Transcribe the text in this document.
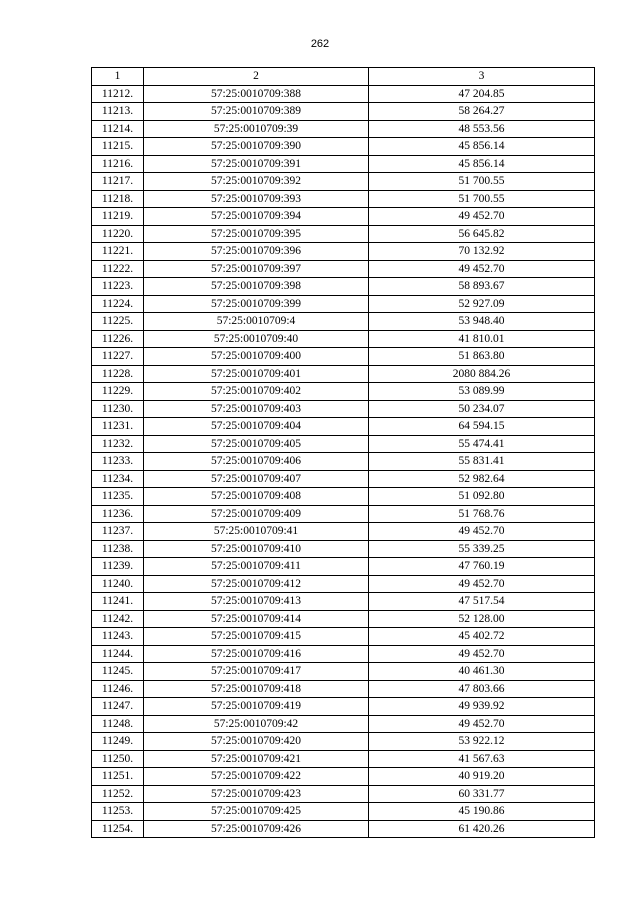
262
1	2	3
11212.	57:25:0010709:388	47 204.85
11213.	57:25:0010709:389	58 264.27
11214.	57:25:0010709:39	48 553.56
11215.	57:25:0010709:390	45 856.14
11216.	57:25:0010709:391	45 856.14
11217.	57:25:0010709:392	51 700.55
11218.	57:25:0010709:393	51 700.55
11219.	57:25:0010709:394	49 452.70
11220.	57:25:0010709:395	56 645.82
11221.	57:25:0010709:396	70 132.92
11222.	57:25:0010709:397	49 452.70
11223.	57:25:0010709:398	58 893.67
11224.	57:25:0010709:399	52 927.09
11225.	57:25:0010709:4	53 948.40
11226.	57:25:0010709:40	41 810.01
11227.	57:25:0010709:400	51 863.80
11228.	57:25:0010709:401	2080 884.26
11229.	57:25:0010709:402	53 089.99
11230.	57:25:0010709:403	50 234.07
11231.	57:25:0010709:404	64 594.15
11232.	57:25:0010709:405	55 474.41
11233.	57:25:0010709:406	55 831.41
11234.	57:25:0010709:407	52 982.64
11235.	57:25:0010709:408	51 092.80
11236.	57:25:0010709:409	51 768.76
11237.	57:25:0010709:41	49 452.70
11238.	57:25:0010709:410	55 339.25
11239.	57:25:0010709:411	47 760.19
11240.	57:25:0010709:412	49 452.70
11241.	57:25:0010709:413	47 517.54
11242.	57:25:0010709:414	52 128.00
11243.	57:25:0010709:415	45 402.72
11244.	57:25:0010709:416	49 452.70
11245.	57:25:0010709:417	40 461.30
11246.	57:25:0010709:418	47 803.66
11247.	57:25:0010709:419	49 939.92
11248.	57:25:0010709:42	49 452.70
11249.	57:25:0010709:420	53 922.12
11250.	57:25:0010709:421	41 567.63
11251.	57:25:0010709:422	40 919.20
11252.	57:25:0010709:423	60 331.77
11253.	57:25:0010709:425	45 190.86
11254.	57:25:0010709:426	61 420.26
